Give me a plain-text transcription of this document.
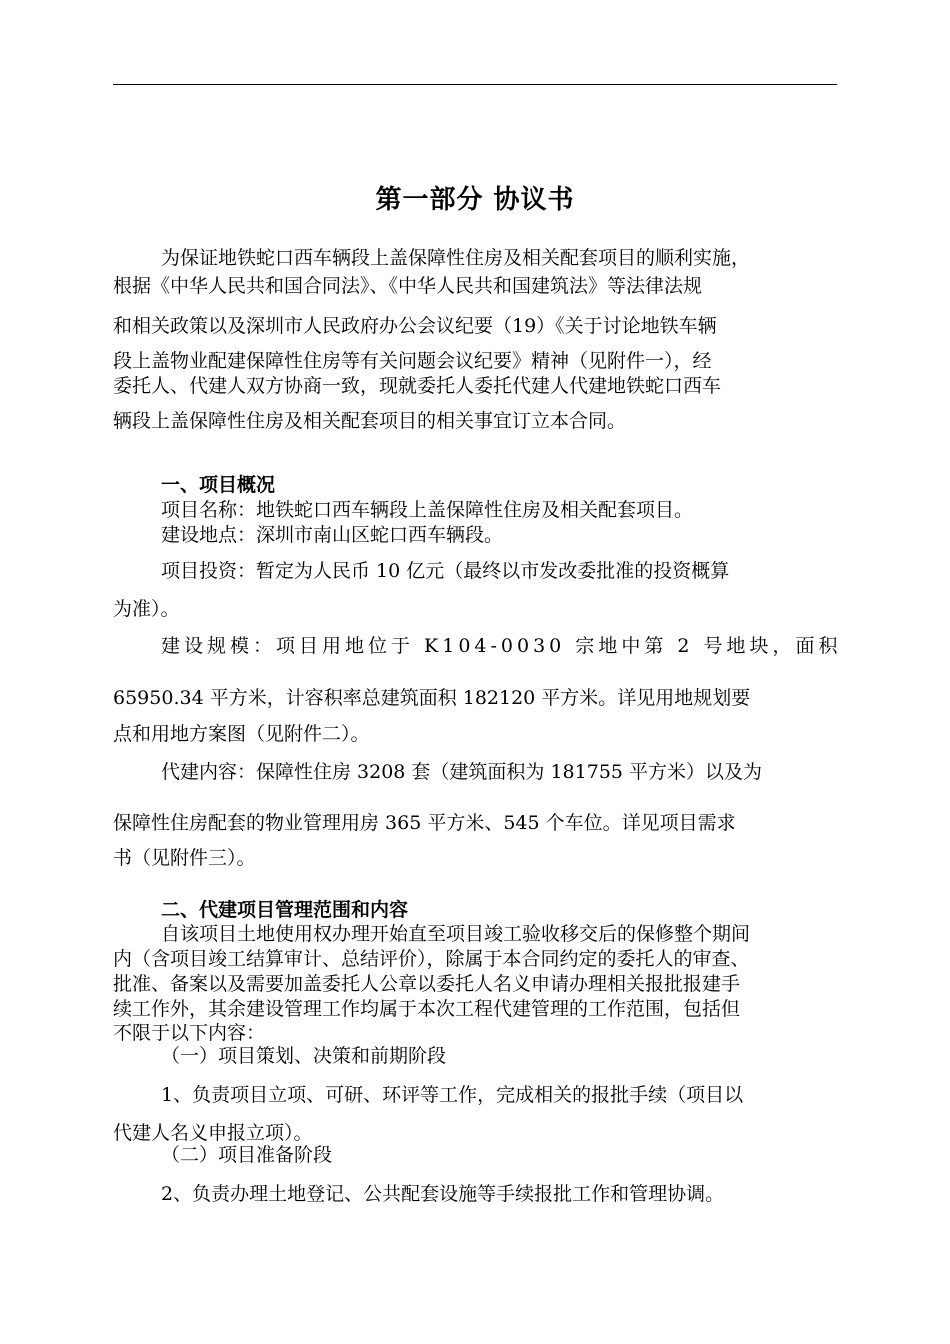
第一部分 协议书

为保证地铁蛇口西车辆段上盖保障性住房及相关配套项目的顺利实施，

根据《中华人民共和国合同法》、《中华人民共和国建筑法》等法律法规

和相关政策以及深圳市人民政府办公会议纪要（19）《关于讨论地铁车辆

段上盖物业配建保障性住房等有关问题会议纪要》精神（见附件一），经

委托人、代建人双方协商一致，现就委托人委托代建人代建地铁蛇口西车

辆段上盖保障性住房及相关配套项目的相关事宜订立本合同。

一、项目概况

项目名称：地铁蛇口西车辆段上盖保障性住房及相关配套项目。

建设地点：深圳市南山区蛇口西车辆段。

项目投资：暂定为人民币 10 亿元（最终以市发改委批准的投资概算

为准）。

建设规模：项目用地位于 K104-0030 宗地中第 2 号地块，面积

65950.34 平方米，计容积率总建筑面积 182120 平方米。详见用地规划要

点和用地方案图（见附件二）。

代建内容：保障性住房 3208 套（建筑面积为 181755 平方米）以及为

保障性住房配套的物业管理用房 365 平方米、545 个车位。详见项目需求

书（见附件三）。

二、代建项目管理范围和内容

自该项目土地使用权办理开始直至项目竣工验收移交后的保修整个期间

内（含项目竣工结算审计、总结评价），除属于本合同约定的委托人的审查、

批准、备案以及需要加盖委托人公章以委托人名义申请办理相关报批报建手

续工作外，其余建设管理工作均属于本次工程代建管理的工作范围，包括但

不限于以下内容：

（一）项目策划、决策和前期阶段

1、负责项目立项、可研、环评等工作，完成相关的报批手续（项目以

代建人名义申报立项）。

（二）项目准备阶段

2、负责办理土地登记、公共配套设施等手续报批工作和管理协调。
